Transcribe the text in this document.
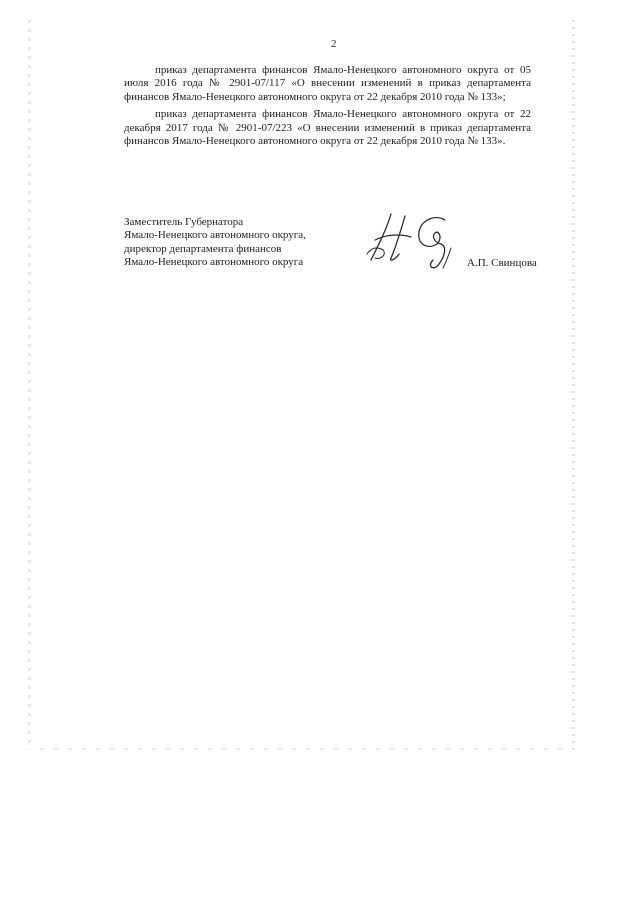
2

приказ департамента финансов Ямало-Ненецкого автономного округа от 05 июля 2016 года № 2901-07/117 «О внесении изменений в приказ департамента финансов Ямало-Ненецкого автономного округа от 22 декабря 2010 года № 133»;

приказ департамента финансов Ямало-Ненецкого автономного округа от 22 декабря 2017 года № 2901-07/223 «О внесении изменений в приказ департамента финансов Ямало-Ненецкого автономного округа от 22 декабря 2010 года № 133».

Заместитель Губернатора
Ямало-Ненецкого автономного округа,
директор департамента финансов
Ямало-Ненецкого автономного округа	А.П. Свинцова
